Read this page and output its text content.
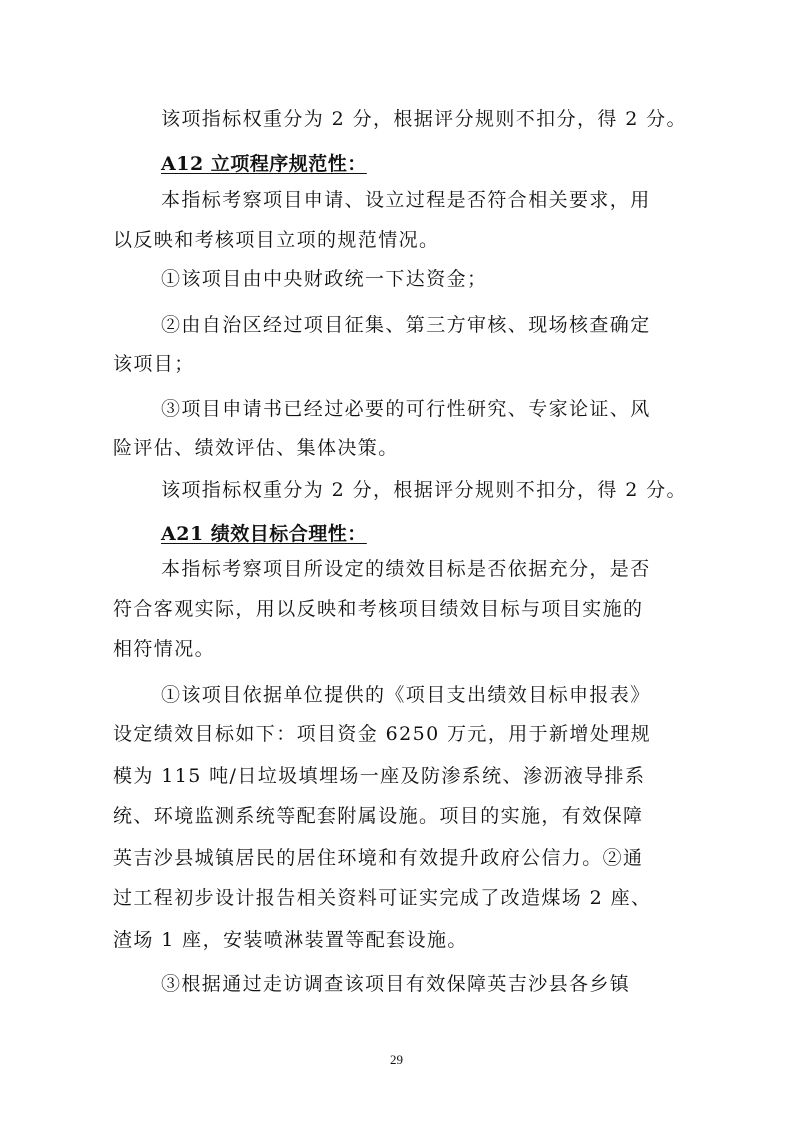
该项指标权重分为 2 分，根据评分规则不扣分，得 2 分。

A12 立项程序规范性：

本指标考察项目申请、设立过程是否符合相关要求，用

以反映和考核项目立项的规范情况。

①该项目由中央财政统一下达资金；

②由自治区经过项目征集、第三方审核、现场核查确定

该项目；

③项目申请书已经过必要的可行性研究、专家论证、风

险评估、绩效评估、集体决策。

该项指标权重分为 2 分，根据评分规则不扣分，得 2 分。

A21 绩效目标合理性：

本指标考察项目所设定的绩效目标是否依据充分，是否

符合客观实际，用以反映和考核项目绩效目标与项目实施的

相符情况。

①该项目依据单位提供的《项目支出绩效目标申报表》

设定绩效目标如下：项目资金 6250 万元，用于新增处理规

模为 115 吨/日垃圾填埋场一座及防渗系统、渗沥液导排系

统、环境监测系统等配套附属设施。项目的实施，有效保障

英吉沙县城镇居民的居住环境和有效提升政府公信力。②通

过工程初步设计报告相关资料可证实完成了改造煤场 2 座、

渣场 1 座，安装喷淋装置等配套设施。

③根据通过走访调查该项目有效保障英吉沙县各乡镇

29
